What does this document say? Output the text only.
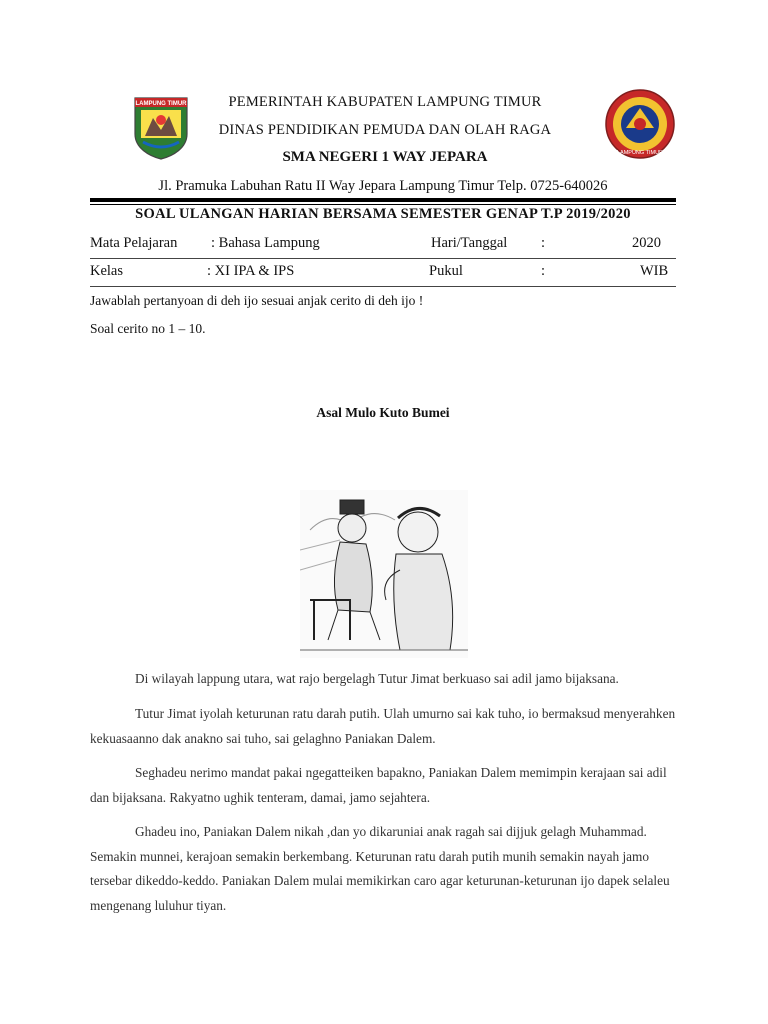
LAMPUNG TIMUR
LAMPUNG TIMUR
PEMERINTAH KABUPATEN LAMPUNG TIMUR
DINAS PENDIDIKAN PEMUDA DAN OLAH RAGA
SMA NEGERI 1 WAY JEPARA
Jl. Pramuka Labuhan Ratu II Way Jepara Lampung Timur Telp. 0725-640026
SOAL ULANGAN HARIAN BERSAMA SEMESTER GENAP T.P 2019/2020
Mata Pelajaran : Bahasa Lampung	Hari/Tanggal :	2020
Kelas	: XI IPA & IPS	Pukul	:	WIB
Jawablah pertanyoan di deh ijo sesuai anjak cerito di deh ijo !
Soal cerito no 1 – 10.
Asal Mulo Kuto Bumei

Di wilayah lappung utara, wat rajo bergelagh Tutur Jimat berkuaso sai adil jamo bijaksana.

Tutur Jimat iyolah keturunan ratu darah putih. Ulah umurno sai kak tuho, io bermaksud menyerahken kekuasaanno dak anakno sai tuho, sai gelaghno Paniakan Dalem.

Seghadeu nerimo mandat pakai ngegatteiken bapakno, Paniakan Dalem memimpin kerajaan sai adil dan bijaksana. Rakyatno ughik tenteram, damai, jamo sejahtera.

Ghadeu ino, Paniakan Dalem nikah ,dan yo dikaruniai anak ragah sai dijjuk gelagh Muhammad. Semakin munnei, kerajoan semakin berkembang. Keturunan ratu darah putih munih semakin nayah jamo tersebar dikeddo-keddo. Paniakan Dalem mulai memikirkan caro agar keturunan-keturunan ijo dapek selaleu mengenang luluhur tiyan.
